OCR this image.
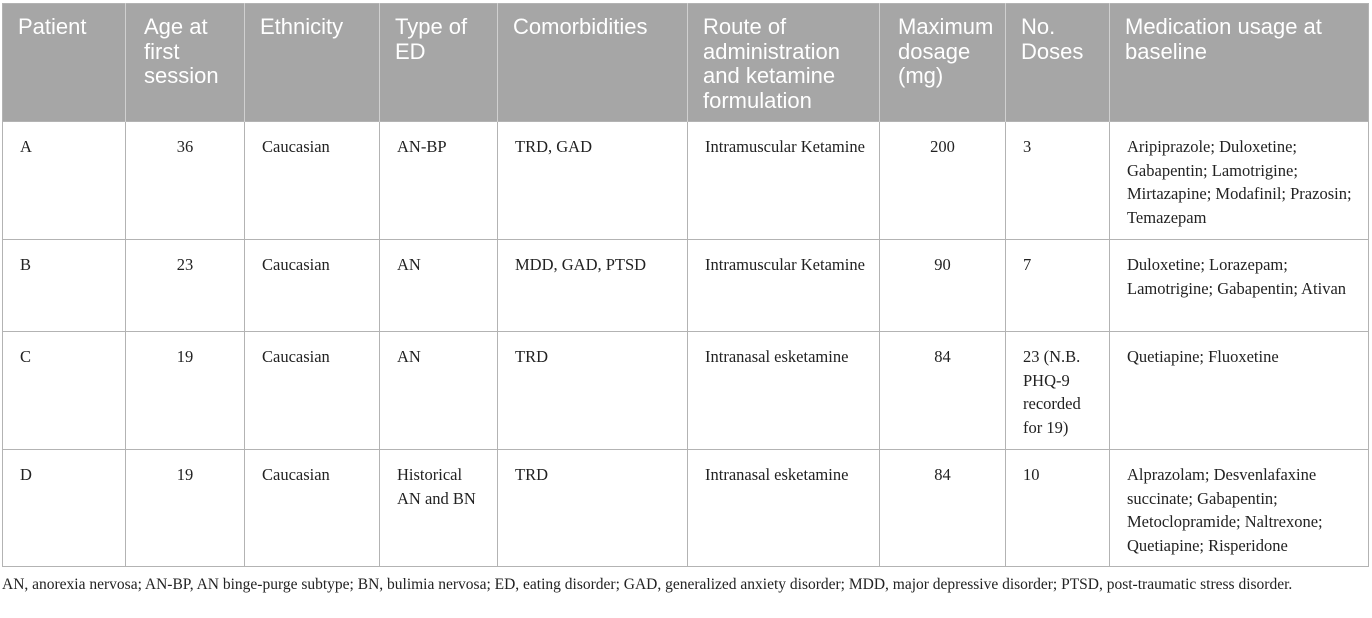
Patient	Age at first session	Ethnicity	Type of ED	Comorbidities	Route of administration and ketamine formulation	Maximum dosage (mg)	No. Doses	Medication usage at baseline
A	36	Caucasian	AN-BP	TRD, GAD	Intramuscular Ketamine	200	3	Aripiprazole; Duloxetine; Gabapentin; Lamotrigine; Mirtazapine; Modafinil; Prazosin; Temazepam
B	23	Caucasian	AN	MDD, GAD, PTSD	Intramuscular Ketamine	90	7	Duloxetine; Lorazepam; Lamotrigine; Gabapentin; Ativan
C	19	Caucasian	AN	TRD	Intranasal esketamine	84	23 (N.B. PHQ-9 recorded for 19)	Quetiapine; Fluoxetine
D	19	Caucasian	Historical AN and BN	TRD	Intranasal esketamine	84	10	Alprazolam; Desvenlafaxine succinate; Gabapentin; Metoclopramide; Naltrexone; Quetiapine; Risperidone
AN, anorexia nervosa; AN-BP, AN binge-purge subtype; BN, bulimia nervosa; ED, eating disorder; GAD, generalized anxiety disorder; MDD, major depressive disorder; PTSD, post-traumatic stress disorder.
